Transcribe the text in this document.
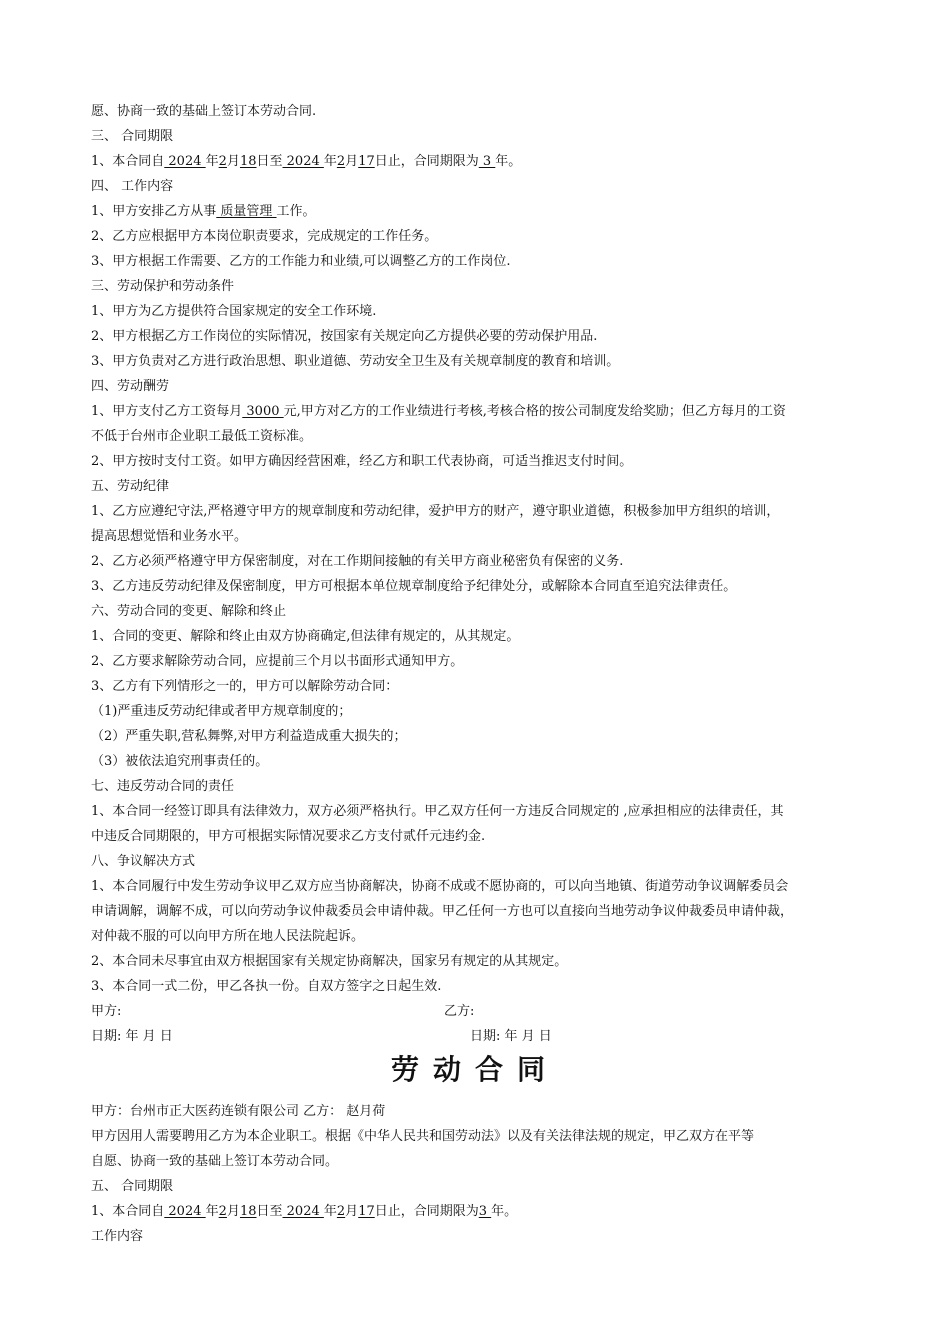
愿、协商一致的基础上签订本劳动合同.
三、 合同期限
1、本合同自 2024 年2月18日至 2024 年2月17日止，合同期限为 3 年。
四、 工作内容
1、甲方安排乙方从事 质量管理 工作。
2、乙方应根据甲方本岗位职责要求，完成规定的工作任务。
3、甲方根据工作需要、乙方的工作能力和业绩,可以调整乙方的工作岗位.
三、劳动保护和劳动条件
1、甲方为乙方提供符合国家规定的安全工作环境.
2、甲方根据乙方工作岗位的实际情况，按国家有关规定向乙方提供必要的劳动保护用品.
3、甲方负责对乙方进行政治思想、职业道德、劳动安全卫生及有关规章制度的教育和培训。
四、劳动酬劳
1、甲方支付乙方工资每月 3000 元,甲方对乙方的工作业绩进行考核,考核合格的按公司制度发给奖励；但乙方每月的工资
不低于台州市企业职工最低工资标准。
2、甲方按时支付工资。如甲方确因经营困难，经乙方和职工代表协商，可适当推迟支付时间。
五、劳动纪律
1、乙方应遵纪守法,严格遵守甲方的规章制度和劳动纪律，爱护甲方的财产，遵守职业道德，积极参加甲方组织的培训，
提高思想觉悟和业务水平。
2、乙方必须严格遵守甲方保密制度，对在工作期间接触的有关甲方商业秘密负有保密的义务.
3、乙方违反劳动纪律及保密制度，甲方可根据本单位规章制度给予纪律处分，或解除本合同直至追究法律责任。
六、劳动合同的变更、解除和终止
1、合同的变更、解除和终止由双方协商确定,但法律有规定的，从其规定。
2、乙方要求解除劳动合同，应提前三个月以书面形式通知甲方。
3、乙方有下列情形之一的，甲方可以解除劳动合同：
（1)严重违反劳动纪律或者甲方规章制度的；
（2）严重失职,营私舞弊,对甲方利益造成重大损失的；
（3）被依法追究刑事责任的。
七、违反劳动合同的责任
1、本合同一经签订即具有法律效力，双方必须严格执行。甲乙双方任何一方违反合同规定的 ,应承担相应的法律责任，其
中违反合同期限的，甲方可根据实际情况要求乙方支付贰仟元违约金.
八、争议解决方式
1、本合同履行中发生劳动争议甲乙双方应当协商解决，协商不成或不愿协商的，可以向当地镇、街道劳动争议调解委员会
申请调解，调解不成，可以向劳动争议仲裁委员会申请仲裁。甲乙任何一方也可以直接向当地劳动争议仲裁委员申请仲裁，
对仲裁不服的可以向甲方所在地人民法院起诉。
2、本合同未尽事宜由双方根据国家有关规定协商解决，国家另有规定的从其规定。
3、本合同一式二份，甲乙各执一份。自双方签字之日起生效.
甲方:	乙方:
日期: 年 月 日	日期: 年 月 日
劳动合同
甲方：台州市正大医药连锁有限公司 乙方： 赵月荷
甲方因用人需要聘用乙方为本企业职工。根据《中华人民共和国劳动法》以及有关法律法规的规定，甲乙双方在平等
自愿、协商一致的基础上签订本劳动合同。
五、 合同期限
1、本合同自 2024 年2月18日至 2024 年2月17日止，合同期限为3 年。
工作内容
